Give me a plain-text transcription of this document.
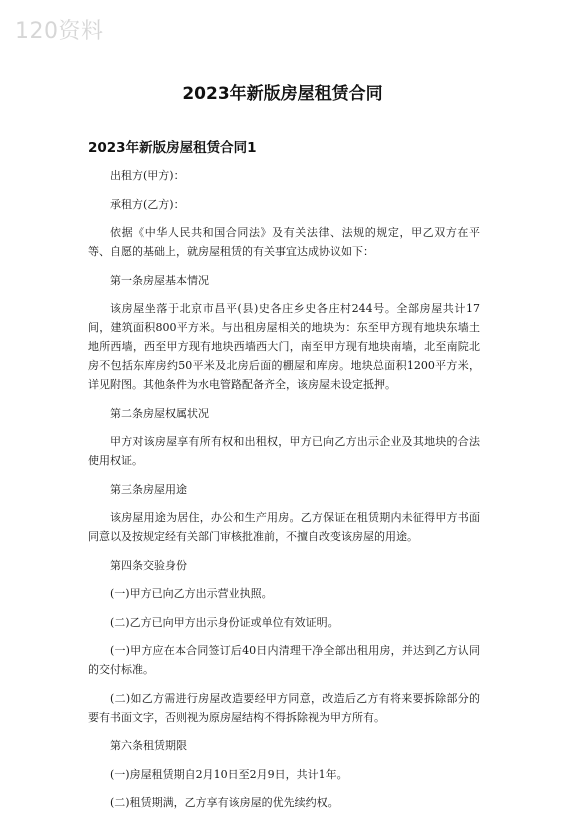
120资料
2023年新版房屋租赁合同
2023年新版房屋租赁合同1

出租方(甲方)：

承租方(乙方)：

依据《中华人民共和国合同法》及有关法律、法规的规定，甲乙双方在平等、自愿的基础上，就房屋租赁的有关事宜达成协议如下：

第一条房屋基本情况

该房屋坐落于北京市昌平(县)史各庄乡史各庄村244号。全部房屋共计17间，建筑面积800平方米。与出租房屋相关的地块为：东至甲方现有地块东墙土地所西墙，西至甲方现有地块西墙西大门，南至甲方现有地块南墙，北至南院北房不包括东库房约50平米及北房后面的棚屋和库房。地块总面积1200平方米，详见附图。其他条件为水电管路配备齐全，该房屋未设定抵押。

第二条房屋权属状况

甲方对该房屋享有所有权和出租权，甲方已向乙方出示企业及其地块的合法使用权证。

第三条房屋用途

该房屋用途为居住，办公和生产用房。乙方保证在租赁期内未征得甲方书面同意以及按规定经有关部门审核批准前，不擅自改变该房屋的用途。

第四条交验身份

(一)甲方已向乙方出示营业执照。

(二)乙方已向甲方出示身份证或单位有效证明。

(一)甲方应在本合同签订后40日内清理干净全部出租用房，并达到乙方认同的交付标准。

(二)如乙方需进行房屋改造要经甲方同意，改造后乙方有将来要拆除部分的要有书面文字，否则视为原房屋结构不得拆除视为甲方所有。

第六条租赁期限

(一)房屋租赁期自2月10日至2月9日，共计1年。

(二)租赁期满，乙方享有该房屋的优先续约权。
